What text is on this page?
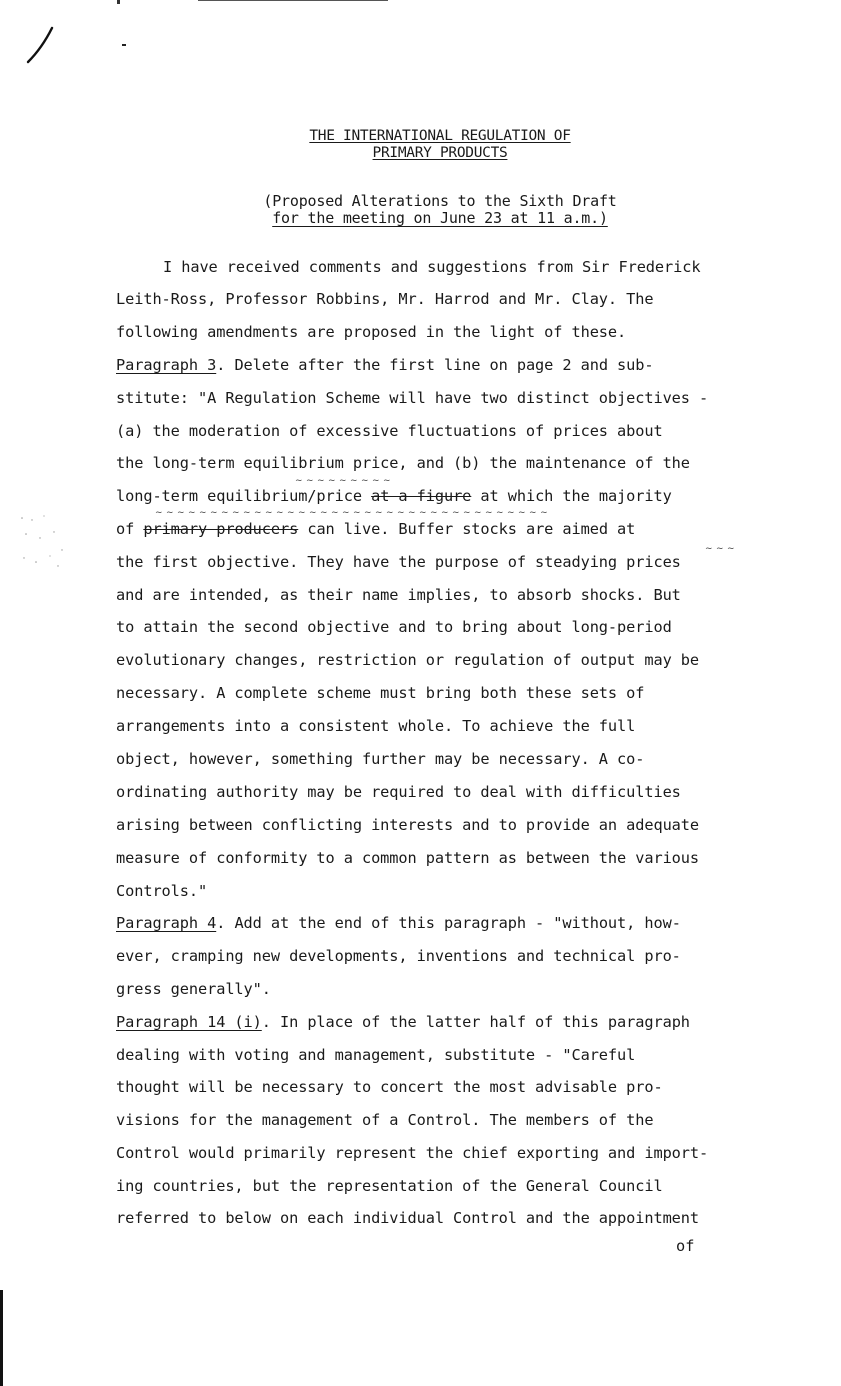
THE INTERNATIONAL REGULATION OF
PRIMARY PRODUCTS
(Proposed Alterations to the Sixth Draft
for the meeting on June 23 at 11 a.m.)
I have received comments and suggestions from Sir Frederick
Leith-Ross, Professor Robbins, Mr. Harrod and Mr. Clay. The
following amendments are proposed in the light of these.
Paragraph 3. Delete after the first line on page 2 and sub-
stitute: "A Regulation Scheme will have two distinct objectives -
(a) the moderation of excessive fluctuations of prices about
the long-term equilibrium price, and (b) the maintenance of the
~ ~ ~ ~ ~ ~ ~ ~ ~
long-term equilibrium/price at a figure at which the majority
~ ~ ~ ~ ~ ~ ~ ~ ~ ~ ~ ~ ~ ~ ~ ~ ~ ~ ~ ~ ~ ~ ~ ~ ~ ~ ~ ~ ~ ~ ~ ~ ~ ~ ~ ~
of primary producers can live. Buffer stocks are aimed at
~ ~ ~
the first objective. They have the purpose of steadying prices
and are intended, as their name implies, to absorb shocks. But
to attain the second objective and to bring about long-period
evolutionary changes, restriction or regulation of output may be
necessary. A complete scheme must bring both these sets of
arrangements into a consistent whole. To achieve the full
object, however, something further may be necessary. A co-
ordinating authority may be required to deal with difficulties
arising between conflicting interests and to provide an adequate
measure of conformity to a common pattern as between the various
Controls."
Paragraph 4. Add at the end of this paragraph - "without, how-
ever, cramping new developments, inventions and technical pro-
gress generally".
Paragraph 14 (i). In place of the latter half of this paragraph
dealing with voting and management, substitute - "Careful
thought will be necessary to concert the most advisable pro-
visions for the management of a Control. The members of the
Control would primarily represent the chief exporting and import-
ing countries, but the representation of the General Council
referred to below on each individual Control and the appointment
of
